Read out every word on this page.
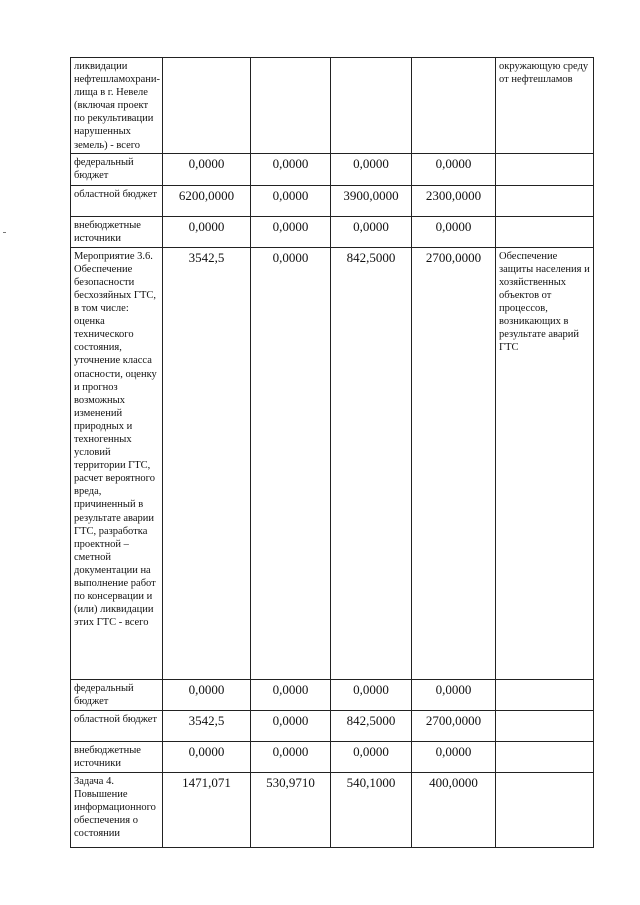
ликвидации нефтешламохрани-лища в г. Невеле (включая проект по рекультивации нарушенных земель) - всего					окружающую среду от нефтешламов
федеральный бюджет	0,0000	0,0000	0,0000	0,0000	
областной бюджет	6200,0000	0,0000	3900,0000	2300,0000	
внебюджетные источники	0,0000	0,0000	0,0000	0,0000	
Мероприятие 3.6. Обеспечение безопасности бесхозяйных ГТС, в том числе: оценка технического состояния, уточнение класса опасности, оценку и прогноз возможных изменений природных и техногенных условий территории ГТС, расчет вероятного вреда, причиненный в результате аварии ГТС, разработка проектной – сметной документации на выполнение работ по консервации и (или) ликвидации этих ГТС - всего	3542,5	0,0000	842,5000	2700,0000	Обеспечение защиты населения и хозяйственных объектов от процессов, возникающих в результате аварий ГТС
федеральный бюджет	0,0000	0,0000	0,0000	0,0000	
областной бюджет	3542,5	0,0000	842,5000	2700,0000	
внебюджетные источники	0,0000	0,0000	0,0000	0,0000	
Задача 4. Повышение информационного обеспечения о состоянии	1471,071	530,9710	540,1000	400,0000	
